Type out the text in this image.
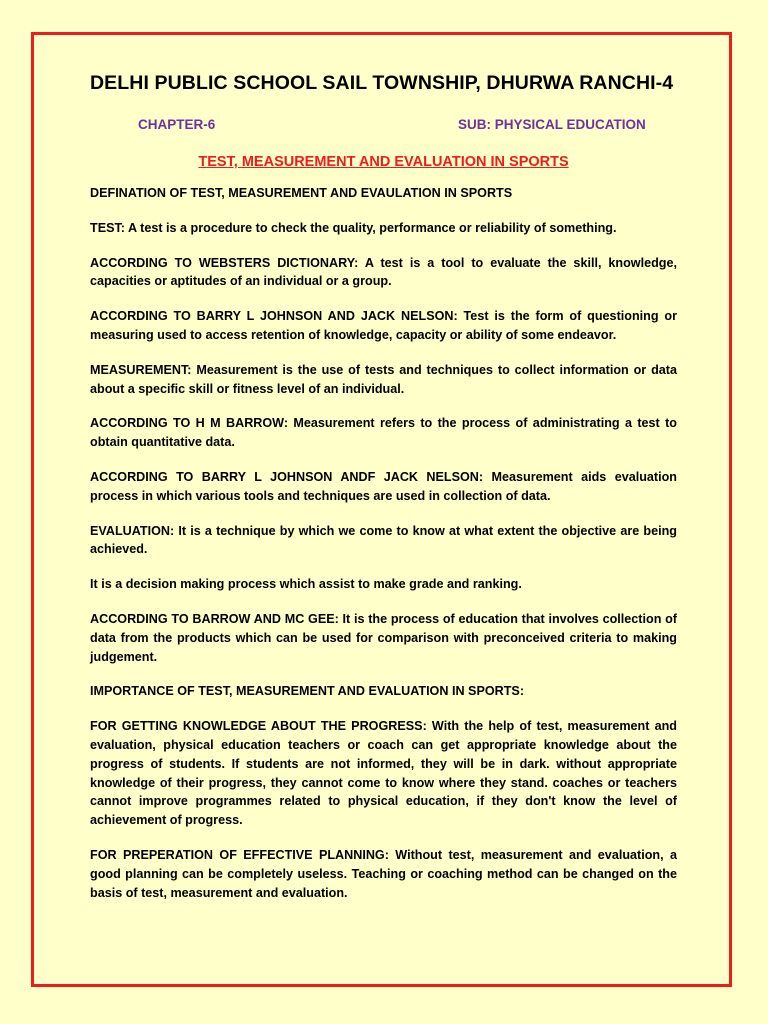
DELHI PUBLIC SCHOOL SAIL TOWNSHIP, DHURWA RANCHI-4
CHAPTER-6	SUB: PHYSICAL EDUCATION
TEST, MEASUREMENT AND EVALUATION IN SPORTS

DEFINATION OF TEST, MEASUREMENT AND EVAULATION IN SPORTS

TEST: A test is a procedure to check the quality, performance or reliability of something.

ACCORDING TO WEBSTERS DICTIONARY: A test is a tool to evaluate the skill, knowledge, capacities or aptitudes of an individual or a group.

ACCORDING TO BARRY L JOHNSON AND JACK NELSON: Test is the form of questioning or measuring used to access retention of knowledge, capacity or ability of some endeavor.

MEASUREMENT: Measurement is the use of tests and techniques to collect information or data about a specific skill or fitness level of an individual.

ACCORDING TO H M BARROW: Measurement refers to the process of administrating a test to obtain quantitative data.

ACCORDING TO BARRY L JOHNSON ANDF JACK NELSON: Measurement aids evaluation process in which various tools and techniques are used in collection of data.

EVALUATION: It is a technique by which we come to know at what extent the objective are being achieved.

It is a decision making process which assist to make grade and ranking.

ACCORDING TO BARROW AND MC GEE: It is the process of education that involves collection of data from the products which can be used for comparison with preconceived criteria to making judgement.

IMPORTANCE OF TEST, MEASUREMENT AND EVALUATION IN SPORTS:

FOR GETTING KNOWLEDGE ABOUT THE PROGRESS: With the help of test, measurement and evaluation, physical education teachers or coach can get appropriate knowledge about the progress of students. If students are not informed, they will be in dark. without appropriate knowledge of their progress, they cannot come to know where they stand. coaches or teachers cannot improve programmes related to physical education, if they don't know the level of achievement of progress.

FOR PREPERATION OF EFFECTIVE PLANNING: Without test, measurement and evaluation, a good planning can be completely useless. Teaching or coaching method can be changed on the basis of test, measurement and evaluation.
